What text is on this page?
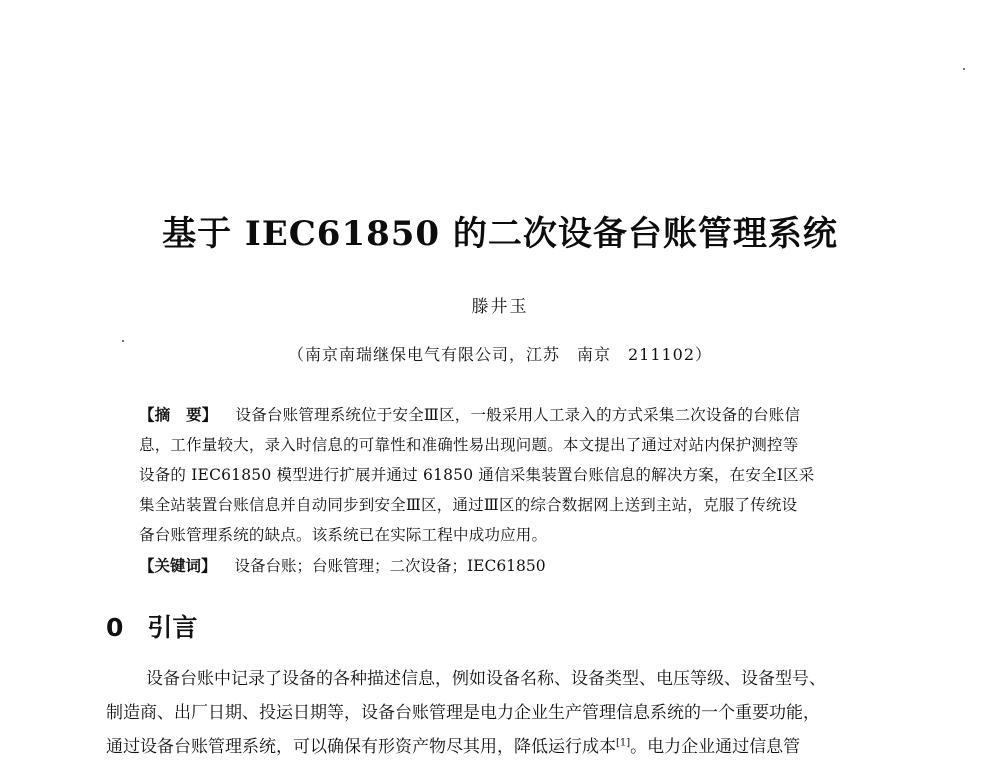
基于 IEC61850 的二次设备台账管理系统
滕井玉
（南京南瑞继保电气有限公司，江苏　南京　211102）
【摘　要】 设备台账管理系统位于安全Ⅲ区，一般采用人工录入的方式采集二次设备的台账信
息，工作量较大，录入时信息的可靠性和准确性易出现问题。本文提出了通过对站内保护测控等
设备的 IEC61850 模型进行扩展并通过 61850 通信采集装置台账信息的解决方案，在安全Ⅰ区采
集全站装置台账信息并自动同步到安全Ⅲ区，通过Ⅲ区的综合数据网上送到主站，克服了传统设
备台账管理系统的缺点。该系统已在实际工程中成功应用。
【关键词】 设备台账；台账管理；二次设备；IEC61850
0 引言
设备台账中记录了设备的各种描述信息，例如设备名称、设备类型、电压等级、设备型号、
制造商、出厂日期、投运日期等，设备台账管理是电力企业生产管理信息系统的一个重要功能，
通过设备台账管理系统，可以确保有形资产物尽其用，降低运行成本[1]。电力企业通过信息管
